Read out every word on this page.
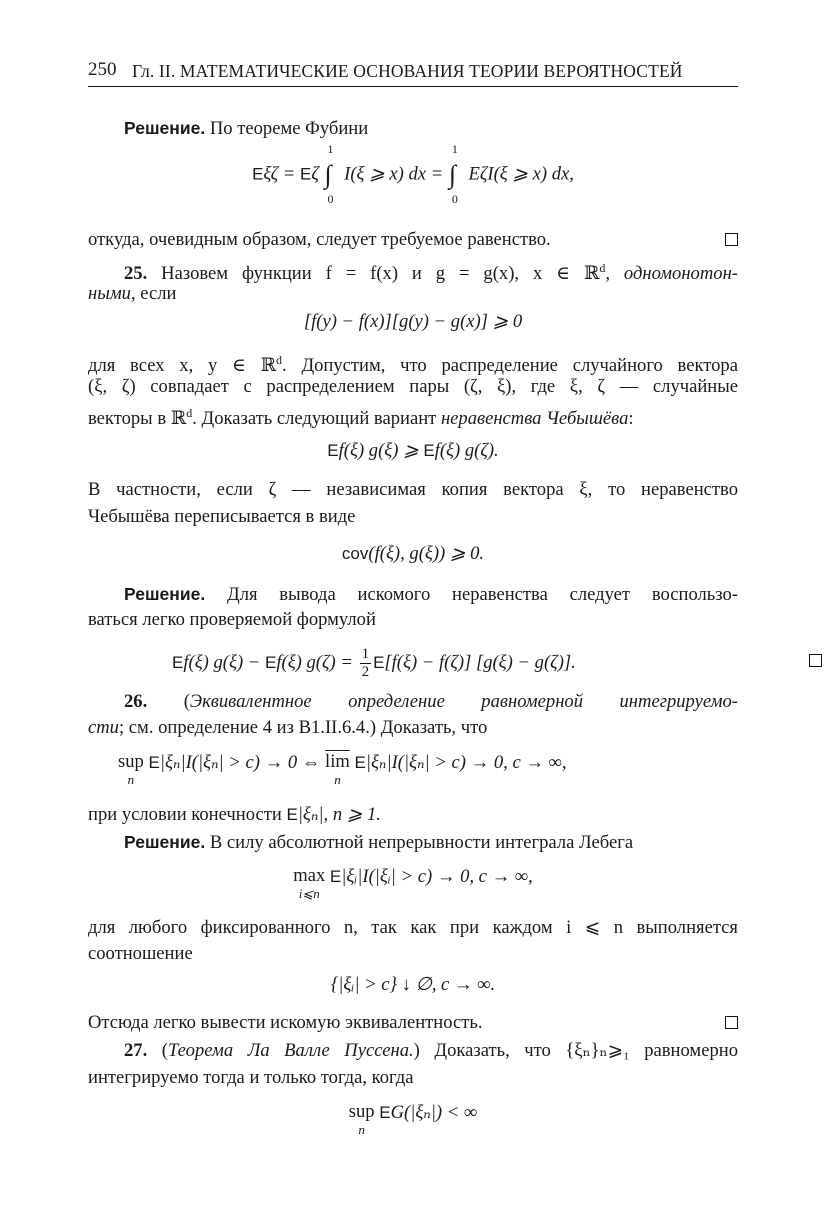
250 Гл. II. МАТЕМАТИЧЕСКИЕ ОСНОВАНИЯ ТЕОРИИ ВЕРОЯТНОСТЕЙ
Решение. По теореме Фубини
Eξζ = Eζ ∫
1
0
I(ξ ⩾ x) dx = ∫
1
0
EζI(ξ ⩾ x) dx,
откуда, очевидным образом, следует требуемое равенство.
25. Назовем функции f = f(x) и g = g(x), x ∈ ℝ$^d$, одномонотон-
ными, если
[f(y) − f(x)][g(y) − g(x)] ⩾ 0
для всех x, y ∈ ℝ$^d$. Допустим, что распределение случайного вектора
(ξ, ζ) совпадает с распределением пары (ζ, ξ), где ξ, ζ — случайные
векторы в ℝ$^d$. Доказать следующий вариант неравенства Чебышёва:
Ef(ξ) g(ξ) ⩾ Ef(ξ) g(ζ).
В частности, если ζ — независимая копия вектора ξ, то неравенство
Чебышёва переписывается в виде
cov(f(ξ), g(ξ)) ⩾ 0.
Решение. Для вывода искомого неравенства следует воспользо-
ваться легко проверяемой формулой
Ef(ξ) g(ξ) − Ef(ξ) $g(\zeta) = \frac{1}{2} E[f(\xi) - f(\zeta)] [g(\xi) - g(\zeta)]$.
26. (Эквивалентное определение равномерной интегрируемо-
сти; см. определение 4 из B1.II.6.4.) Доказать, что
sup
n
E|ξₙ|I(|ξₙ| > c) → 0 ⇔ $\overline{lim}$
n
E|ξₙ|I(|ξₙ| > c) → 0, c → ∞,
при условии конечности E|ξₙ|, n ⩾ 1.
Решение. В силу абсолютной непрерывности интеграла Лебега
max
i⩽n
E|ξᵢ|I(|ξᵢ| > c) → 0, c → ∞,
для любого фиксированного n, так как при каждом i ⩽ n выполняется
соотношение
{|ξᵢ| > c} ↓ ∅, c → ∞.
Отсюда легко вывести искомую эквивалентность.
27. (Теорема Ла Валле Пуссена.) Доказать, что {ξₙ}ₙ⩾₁ равномерно
интегрируемо тогда и только тогда, когда
sup
n
EG(|ξₙ|) < ∞
